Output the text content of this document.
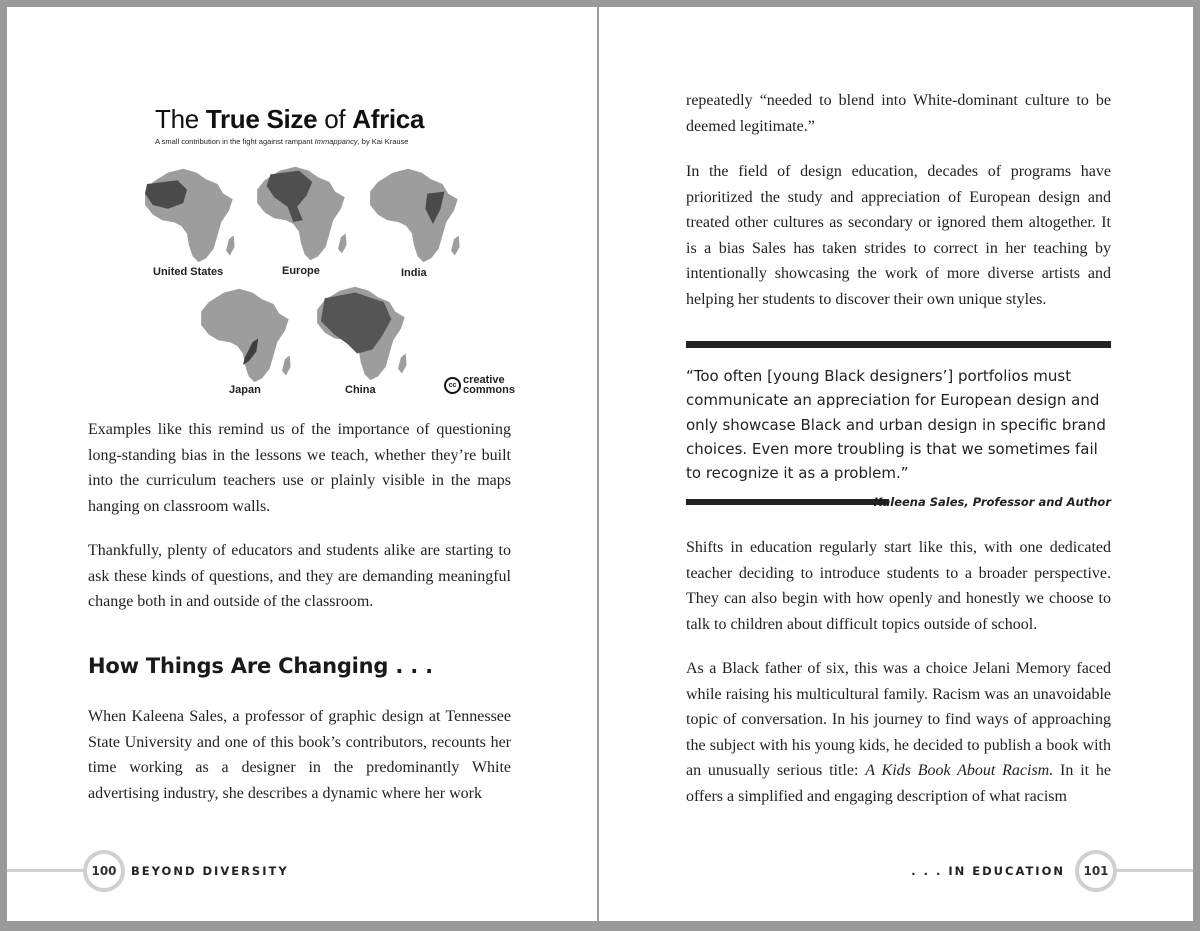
The True Size of Africa
A small contribution in the fight against rampant Immappancy, by Kai Krause
United States	Europe	India
Japan	China	cc creative
commons

Examples like this remind us of the importance of questioning long-standing bias in the lessons we teach, whether they’re built into the curriculum teachers use or plainly visible in the maps hanging on classroom walls.

Thankfully, plenty of educators and students alike are starting to ask these kinds of questions, and they are demanding meaningful change both in and outside of the classroom.

How Things Are Changing . . .

When Kaleena Sales, a professor of graphic design at Tennessee State University and one of this book’s contributors, recounts her time working as a designer in the predominantly White advertising industry, she describes a dynamic where her work

100	BEYOND DIVERSITY

repeatedly “needed to blend into White-dominant culture to be deemed legitimate.”

In the field of design education, decades of programs have prioritized the study and appreciation of European design and treated other cultures as secondary or ignored them altogether. It is a bias Sales has taken strides to correct in her teaching by intentionally showcasing the work of more diverse artists and helping her students to discover their own unique styles.

“Too often [young Black designers’] portfolios must communicate an appreciation for European design and only showcase Black and urban design in specific brand choices. Even more troubling is that we sometimes fail to recognize it as a problem.”

Kaleena Sales, Professor and Author

Shifts in education regularly start like this, with one dedicated teacher deciding to introduce students to a broader perspective. They can also begin with how openly and honestly we choose to talk to children about difficult topics outside of school.

As a Black father of six, this was a choice Jelani Memory faced while raising his multicultural family. Racism was an unavoidable topic of conversation. In his journey to find ways of approaching the subject with his young kids, he decided to publish a book with an unusually serious title: A Kids Book About Racism. In it he offers a simplified and engaging description of what racism

. . . IN EDUCATION	101
